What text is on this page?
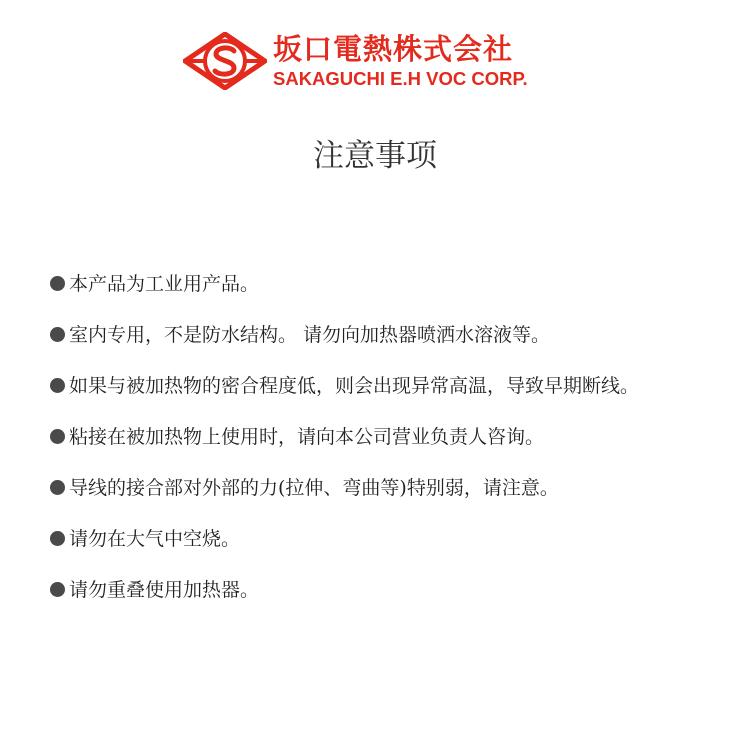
坂口電熱株式会社
SAKAGUCHI E.H VOC CORP.
注意事项
本产品为工业用产品。
室内专用，不是防水结构。 请勿向加热器喷洒水溶液等。
如果与被加热物的密合程度低，则会出现异常高温，导致早期断线。
粘接在被加热物上使用时，请向本公司营业负责人咨询。
导线的接合部对外部的力(拉伸、弯曲等)特别弱，请注意。
请勿在大气中空烧。
请勿重叠使用加热器。
